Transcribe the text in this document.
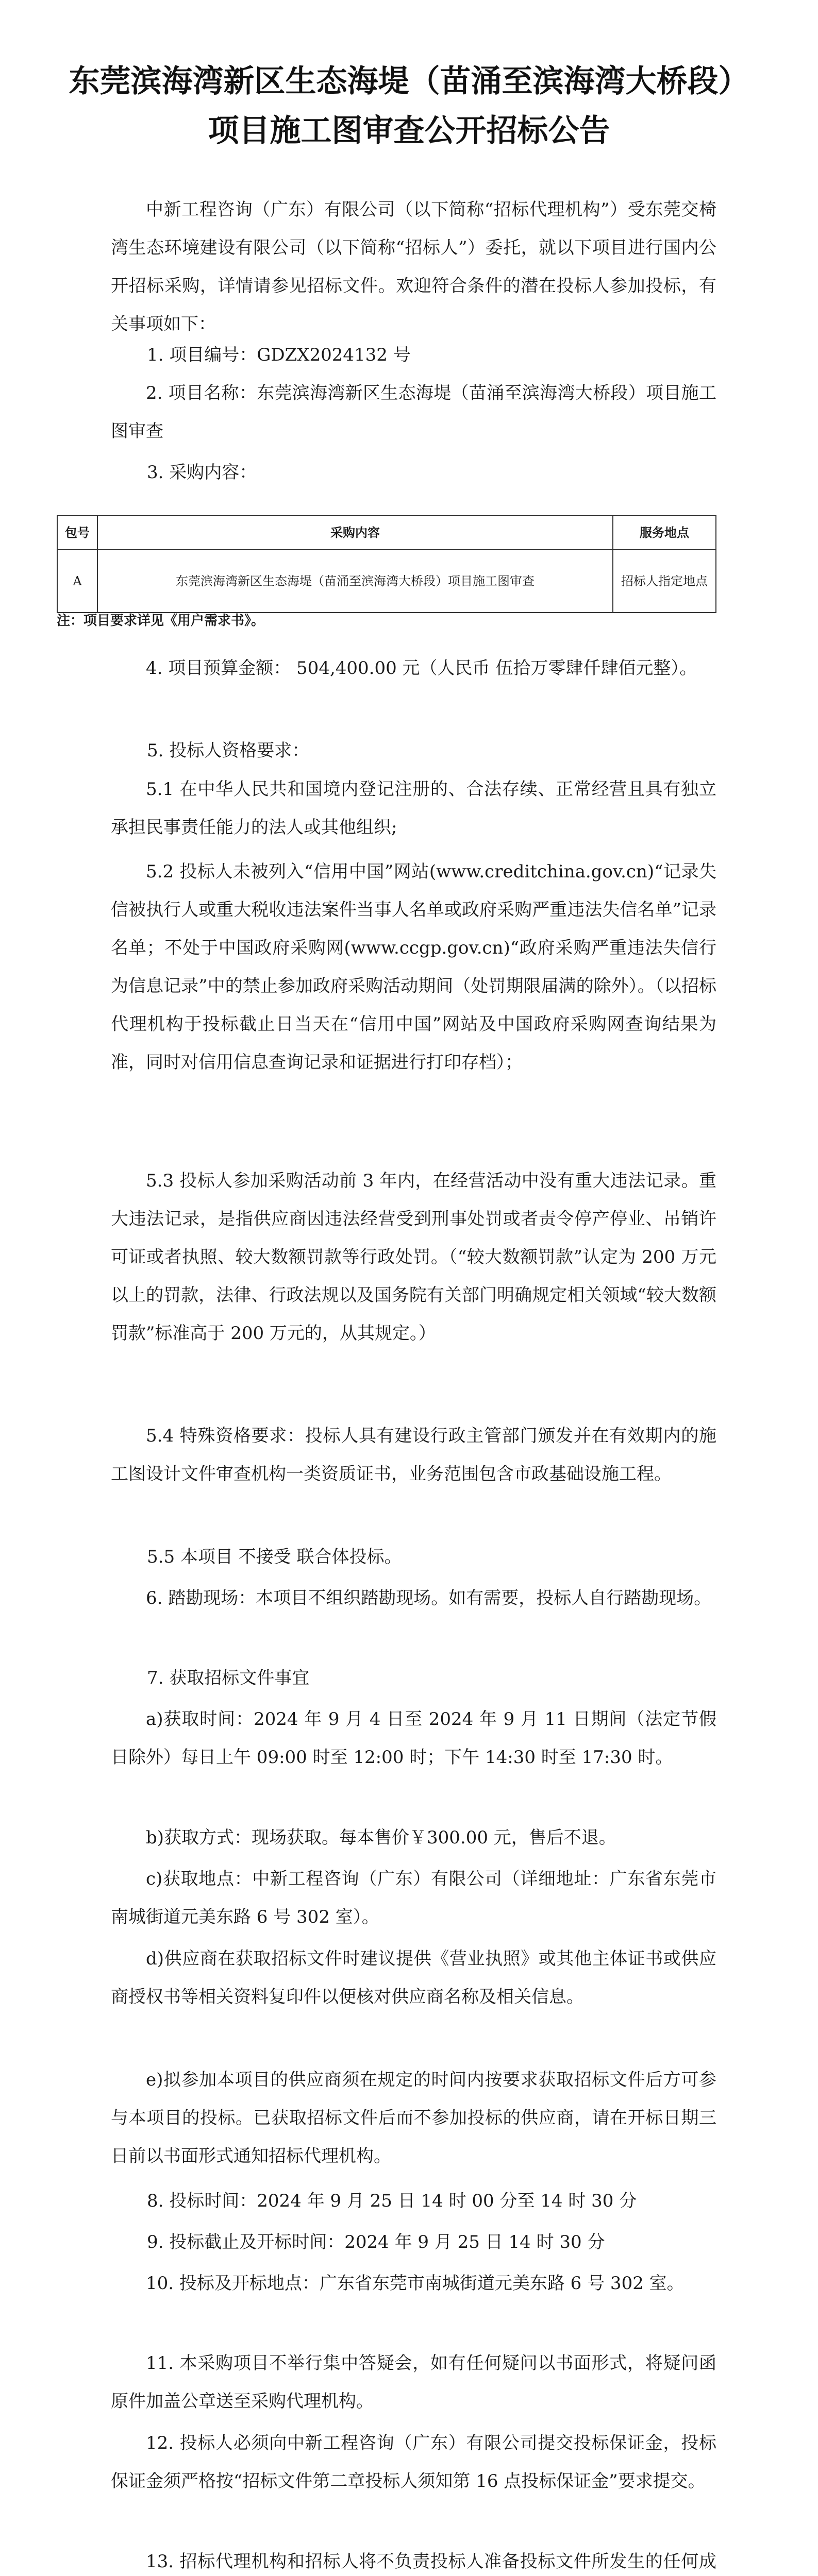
东莞滨海湾新区生态海堤（苗涌至滨海湾大桥段）项目施工图审查公开招标公告

中新工程咨询（广东）有限公司（以下简称“招标代理机构”）受东莞交椅湾生态环境建设有限公司（以下简称“招标人”）委托，就以下项目进行国内公开招标采购，详情请参见招标文件。欢迎符合条件的潜在投标人参加投标，有关事项如下：

1. 项目编号：GDZX2024132 号

2. 项目名称：东莞滨海湾新区生态海堤（苗涌至滨海湾大桥段）项目施工图审查

3. 采购内容：
包号	采购内容	服务地点
A	东莞滨海湾新区生态海堤（苗涌至滨海湾大桥段）项目施工图审查	招标人指定地点
注：项目要求详见《用户需求书》。

4. 项目预算金额： 504,400.00 元（人民币 伍拾万零肆仟肆佰元整）。

5. 投标人资格要求：

5.1 在中华人民共和国境内登记注册的、合法存续、正常经营且具有独立承担民事责任能力的法人或其他组织;

5.2 投标人未被列入“信用中国”网站(www.creditchina.gov.cn)“记录失信被执行人或重大税收违法案件当事人名单或政府采购严重违法失信名单”记录名单；不处于中国政府采购网(www.ccgp.gov.cn)“政府采购严重违法失信行为信息记录”中的禁止参加政府采购活动期间（处罚期限届满的除外）。（以招标代理机构于投标截止日当天在“信用中国”网站及中国政府采购网查询结果为准，同时对信用信息查询记录和证据进行打印存档）；

5.3 投标人参加采购活动前 3 年内，在经营活动中没有重大违法记录。重大违法记录，是指供应商因违法经营受到刑事处罚或者责令停产停业、吊销许可证或者执照、较大数额罚款等行政处罚。（“较大数额罚款”认定为 200 万元以上的罚款，法律、行政法规以及国务院有关部门明确规定相关领域“较大数额罚款”标准高于 200 万元的，从其规定。）

5.4 特殊资格要求：投标人具有建设行政主管部门颁发并在有效期内的施工图设计文件审查机构一类资质证书，业务范围包含市政基础设施工程。

5.5 本项目 不接受 联合体投标。

6. 踏勘现场：本项目不组织踏勘现场。如有需要，投标人自行踏勘现场。

7. 获取招标文件事宜

a)获取时间：2024 年 9 月 4 日至 2024 年 9 月 11 日期间（法定节假日除外）每日上午 09:00 时至 12:00 时；下午 14:30 时至 17:30 时。

b)获取方式：现场获取。每本售价￥300.00 元，售后不退。

c)获取地点：中新工程咨询（广东）有限公司（详细地址：广东省东莞市南城街道元美东路 6 号 302 室）。

d)供应商在获取招标文件时建议提供《营业执照》或其他主体证书或供应商授权书等相关资料复印件以便核对供应商名称及相关信息。

e)拟参加本项目的供应商须在规定的时间内按要求获取招标文件后方可参与本项目的投标。已获取招标文件后而不参加投标的供应商，请在开标日期三日前以书面形式通知招标代理机构。

8. 投标时间：2024 年 9 月 25 日 14 时 00 分至 14 时 30 分
9. 投标截止及开标时间：2024 年 9 月 25 日 14 时 30 分

10. 投标及开标地点：广东省东莞市南城街道元美东路 6 号 302 室。

11. 本采购项目不举行集中答疑会，如有任何疑问以书面形式，将疑问函原件加盖公章送至采购代理机构。

12. 投标人必须向中新工程咨询（广东）有限公司提交投标保证金，投标保证金须严格按“招标文件第二章投标人须知第 16 点投标保证金”要求提交。

13. 招标代理机构和招标人将不负责投标人准备投标文件所发生的任何成
